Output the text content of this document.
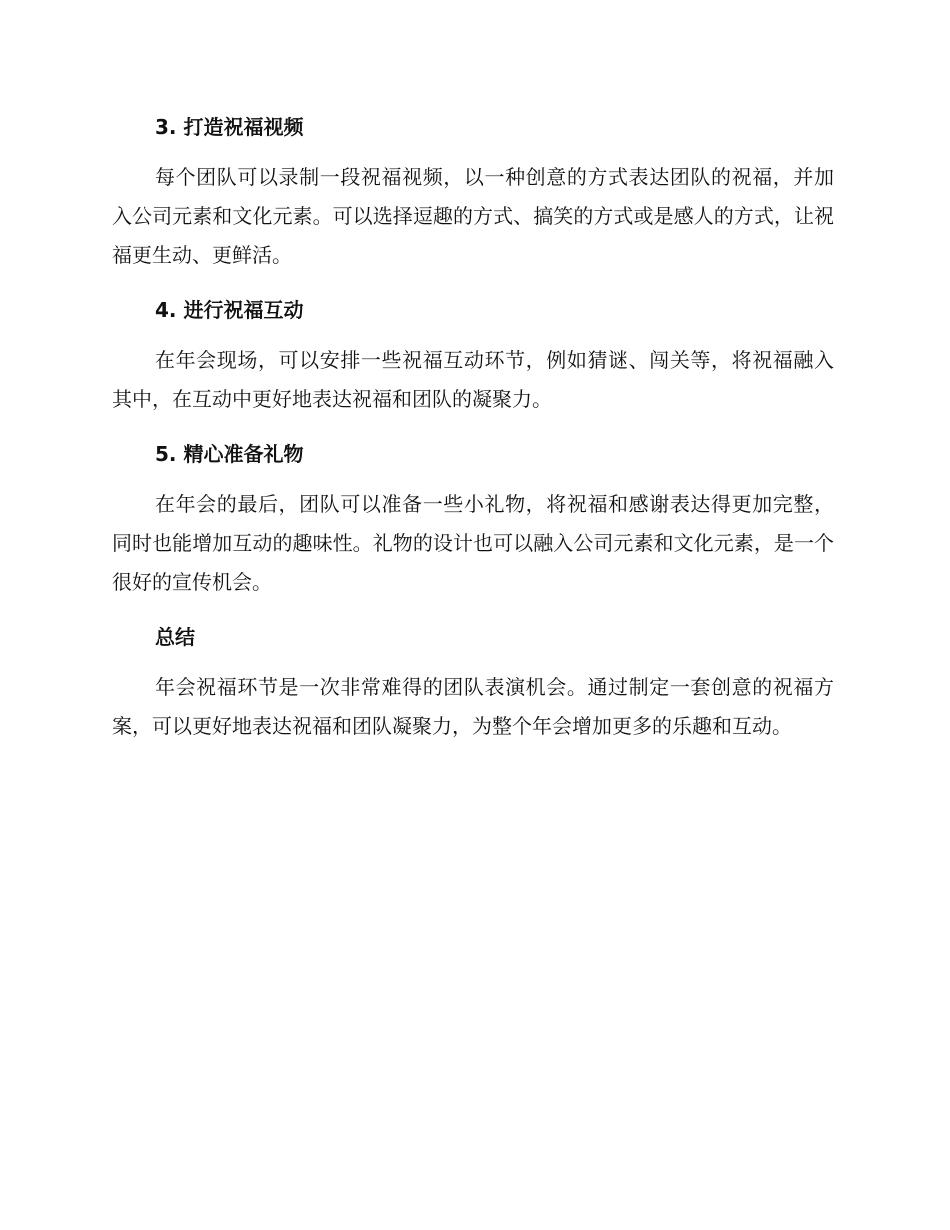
3. 打造祝福视频

每个团队可以录制一段祝福视频，以一种创意的方式表达团队的祝福，并加入公司元素和文化元素。可以选择逗趣的方式、搞笑的方式或是感人的方式，让祝福更生动、更鲜活。

4. 进行祝福互动

在年会现场，可以安排一些祝福互动环节，例如猜谜、闯关等，将祝福融入其中，在互动中更好地表达祝福和团队的凝聚力。

5. 精心准备礼物

在年会的最后，团队可以准备一些小礼物，将祝福和感谢表达得更加完整，同时也能增加互动的趣味性。礼物的设计也可以融入公司元素和文化元素，是一个很好的宣传机会。

总结

年会祝福环节是一次非常难得的团队表演机会。通过制定一套创意的祝福方案，可以更好地表达祝福和团队凝聚力，为整个年会增加更多的乐趣和互动。
